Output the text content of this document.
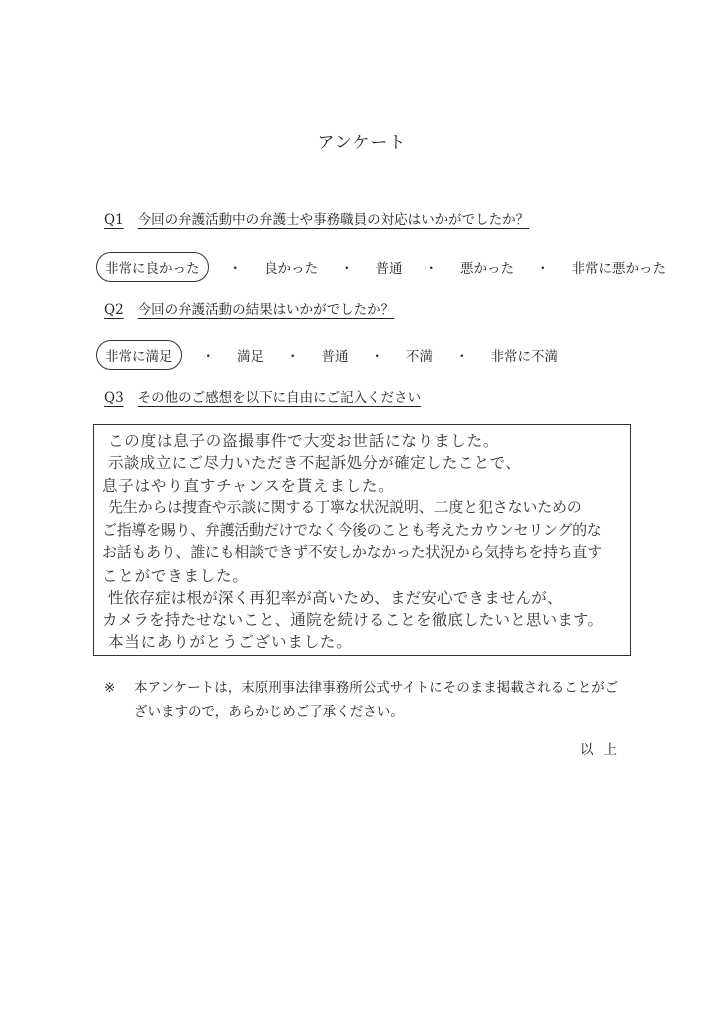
アンケート
Q1 今回の弁護活動中の弁護士や事務職員の対応はいかがでしたか？
非常に良かった	・ 良かった ・ 普通 ・ 悪かった ・ 非常に悪かった
Q2 今回の弁護活動の結果はいかがでしたか？
非常に満足	・ 満足 ・ 普通 ・ 不満 ・ 非常に不満
Q3 その他のご感想を以下に自由にご記入ください
この度は息子の盗撮事件で大変お世話になりました。
示談成立にご尽力いただき不起訴処分が確定したことで、
息子はやり直すチャンスを貰えました。
先生からは捜査や示談に関する丁寧な状況説明、二度と犯さないための
ご指導を賜り、弁護活動だけでなく今後のことも考えたカウンセリング的な
お話もあり、誰にも相談できず不安しかなかった状況から気持ちを持ち直す
ことができました。
性依存症は根が深く再犯率が高いため、まだ安心できませんが、
カメラを持たせないこと、通院を続けることを徹底したいと思います。
本当にありがとうございました。
※ 本アンケートは，末原刑事法律事務所公式サイトにそのまま掲載されることがございますので，あらかじめご了承ください。
以上
